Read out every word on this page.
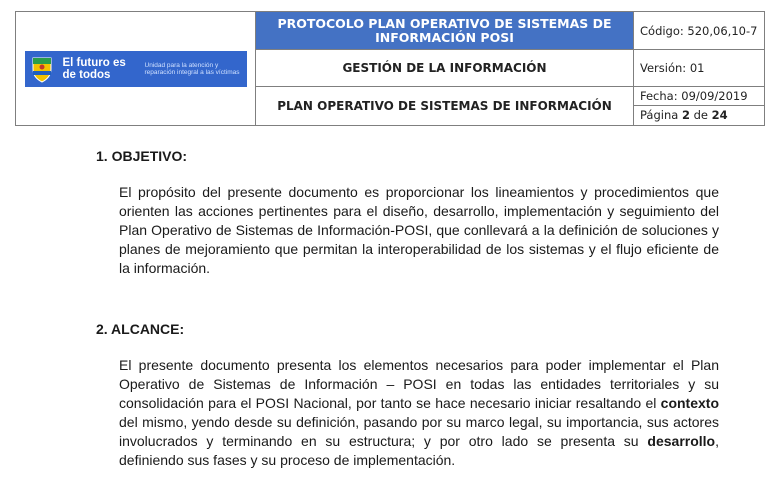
El futuro es de todos
Unidad para la atención y reparación integral a las víctimas	PROTOCOLO PLAN OPERATIVO DE SISTEMAS DE INFORMACIÓN POSI	Código: 520,06,10-7
	GESTIÓN DE LA INFORMACIÓN	Versión: 01
	PLAN OPERATIVO DE SISTEMAS DE INFORMACIÓN	Fecha: 09/09/2019
Página 2 de 24
1. OBJETIVO:

El propósito del presente documento es proporcionar los lineamientos y procedimientos que orienten las acciones pertinentes para el diseño, desarrollo, implementación y seguimiento del Plan Operativo de Sistemas de Información-POSI, que conllevará a la definición de soluciones y planes de mejoramiento que permitan la interoperabilidad de los sistemas y el flujo eficiente de la información.

2. ALCANCE:

El presente documento presenta los elementos necesarios para poder implementar el Plan Operativo de Sistemas de Información – POSI en todas las entidades territoriales y su consolidación para el POSI Nacional, por tanto se hace necesario iniciar resaltando el contexto del mismo, yendo desde su definición, pasando por su marco legal, su importancia, sus actores involucrados y terminando en su estructura; y por otro lado se presenta su desarrollo, definiendo sus fases y su proceso de implementación.
